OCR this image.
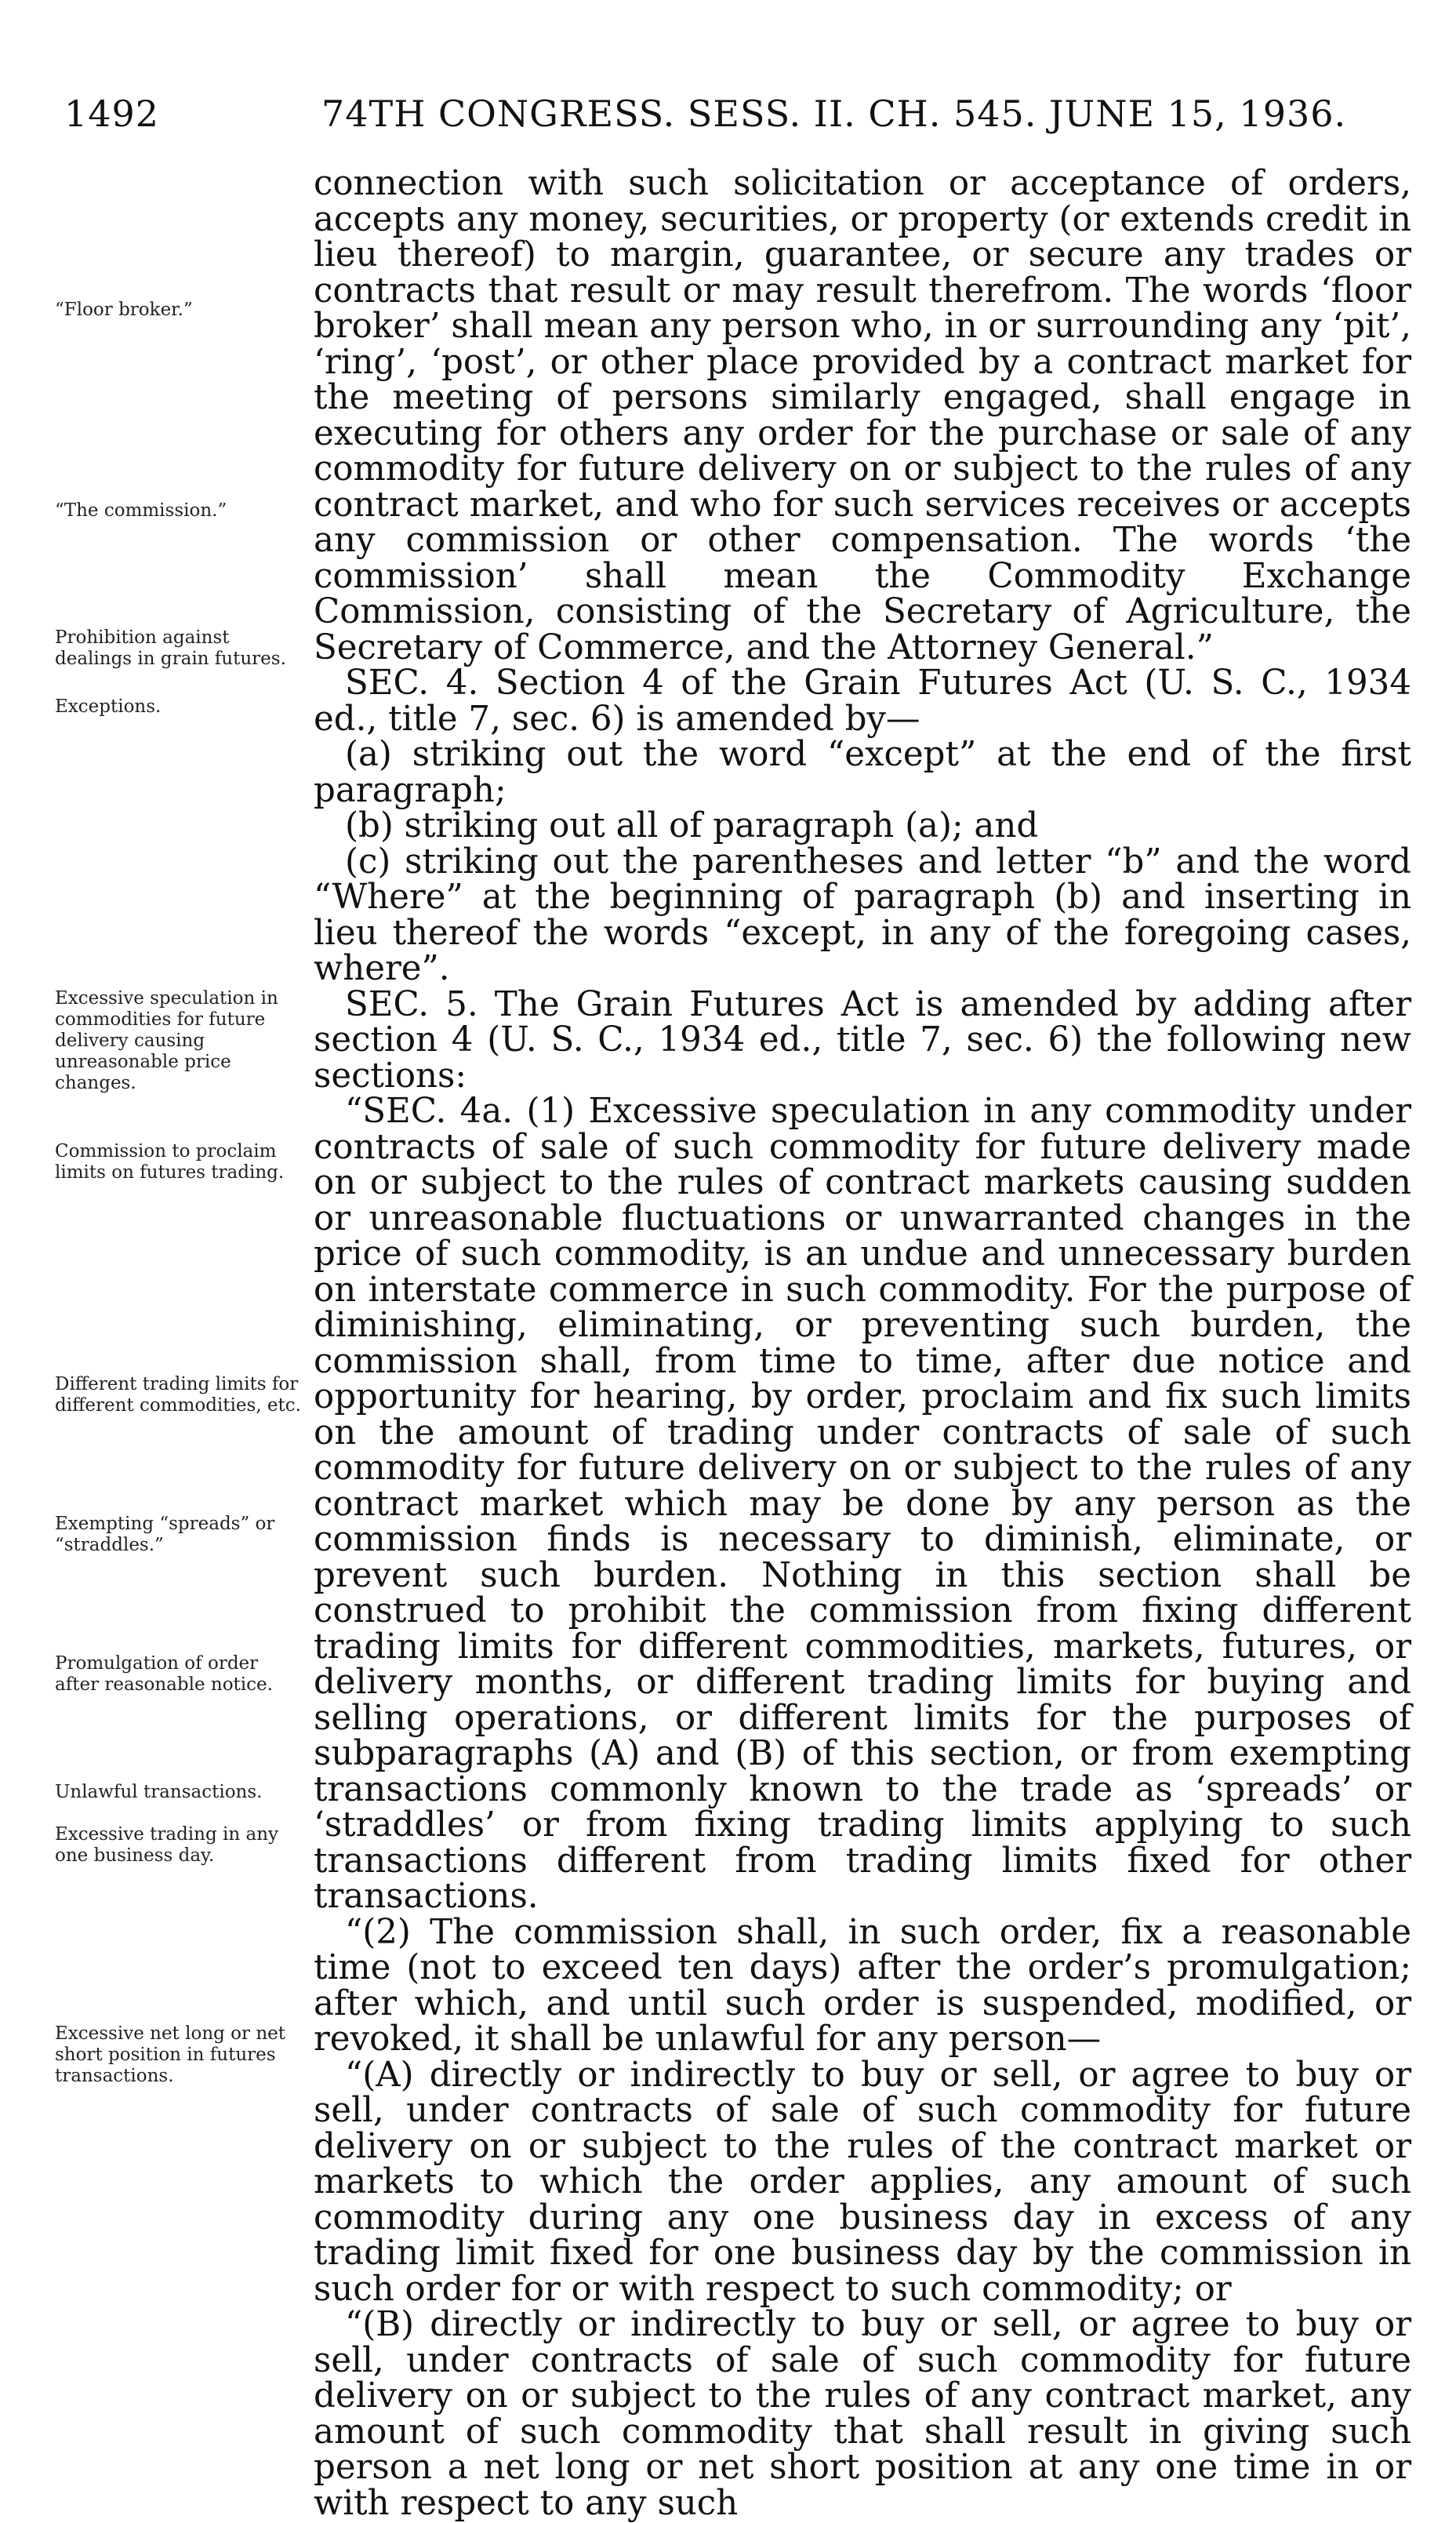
1492	74TH CONGRESS. SESS. II. CH. 545. JUNE 15, 1936.
“Floor broker.”
“The commission.”
Prohibition against dealings in grain futures.
Exceptions.
Excessive speculation in commodities for future delivery causing unreasonable price changes.
Commission to proclaim limits on futures trading.
Different trading limits for different commodities, etc.
Exempting “spreads” or “straddles.”
Promulgation of order after reasonable notice.
Unlawful transactions.
Excessive trading in any one business day.
Excessive net long or net short position in futures transactions.

connection with such solicitation or acceptance of orders, accepts any money, securities, or property (or extends credit in lieu thereof) to margin, guarantee, or secure any trades or contracts that result or may result therefrom. The words ‘floor broker’ shall mean any person who, in or surrounding any ‘pit’, ‘ring’, ‘post’, or other place provided by a contract market for the meeting of persons similarly engaged, shall engage in executing for others any order for the purchase or sale of any commodity for future delivery on or subject to the rules of any contract market, and who for such services receives or accepts any commission or other compensation. The words ‘the commission’ shall mean the Commodity Exchange Commission, consisting of the Secretary of Agriculture, the Secretary of Commerce, and the Attorney General.”

SEC. 4. Section 4 of the Grain Futures Act (U. S. C., 1934 ed., title 7, sec. 6) is amended by—

(a) striking out the word “except” at the end of the first paragraph;

(b) striking out all of paragraph (a); and

(c) striking out the parentheses and letter “b” and the word “Where” at the beginning of paragraph (b) and inserting in lieu thereof the words “except, in any of the foregoing cases, where”.

SEC. 5. The Grain Futures Act is amended by adding after section 4 (U. S. C., 1934 ed., title 7, sec. 6) the following new sections:

“SEC. 4a. (1) Excessive speculation in any commodity under contracts of sale of such commodity for future delivery made on or subject to the rules of contract markets causing sudden or unreasonable fluctuations or unwarranted changes in the price of such commodity, is an undue and unnecessary burden on interstate commerce in such commodity. For the purpose of diminishing, eliminating, or preventing such burden, the commission shall, from time to time, after due notice and opportunity for hearing, by order, proclaim and fix such limits on the amount of trading under contracts of sale of such commodity for future delivery on or subject to the rules of any contract market which may be done by any person as the commission finds is necessary to diminish, eliminate, or prevent such burden. Nothing in this section shall be construed to prohibit the commission from fixing different trading limits for different commodities, markets, futures, or delivery months, or different trading limits for buying and selling operations, or different limits for the purposes of subparagraphs (A) and (B) of this section, or from exempting transactions commonly known to the trade as ‘spreads’ or ‘straddles’ or from fixing trading limits applying to such transactions different from trading limits fixed for other transactions.

“(2) The commission shall, in such order, fix a reasonable time (not to exceed ten days) after the order’s promulgation; after which, and until such order is suspended, modified, or revoked, it shall be unlawful for any person—

“(A) directly or indirectly to buy or sell, or agree to buy or sell, under contracts of sale of such commodity for future delivery on or subject to the rules of the contract market or markets to which the order applies, any amount of such commodity during any one business day in excess of any trading limit fixed for one business day by the commission in such order for or with respect to such commodity; or

“(B) directly or indirectly to buy or sell, or agree to buy or sell, under contracts of sale of such commodity for future delivery on or subject to the rules of any contract market, any amount of such commodity that shall result in giving such person a net long or net short position at any one time in or with respect to any such
